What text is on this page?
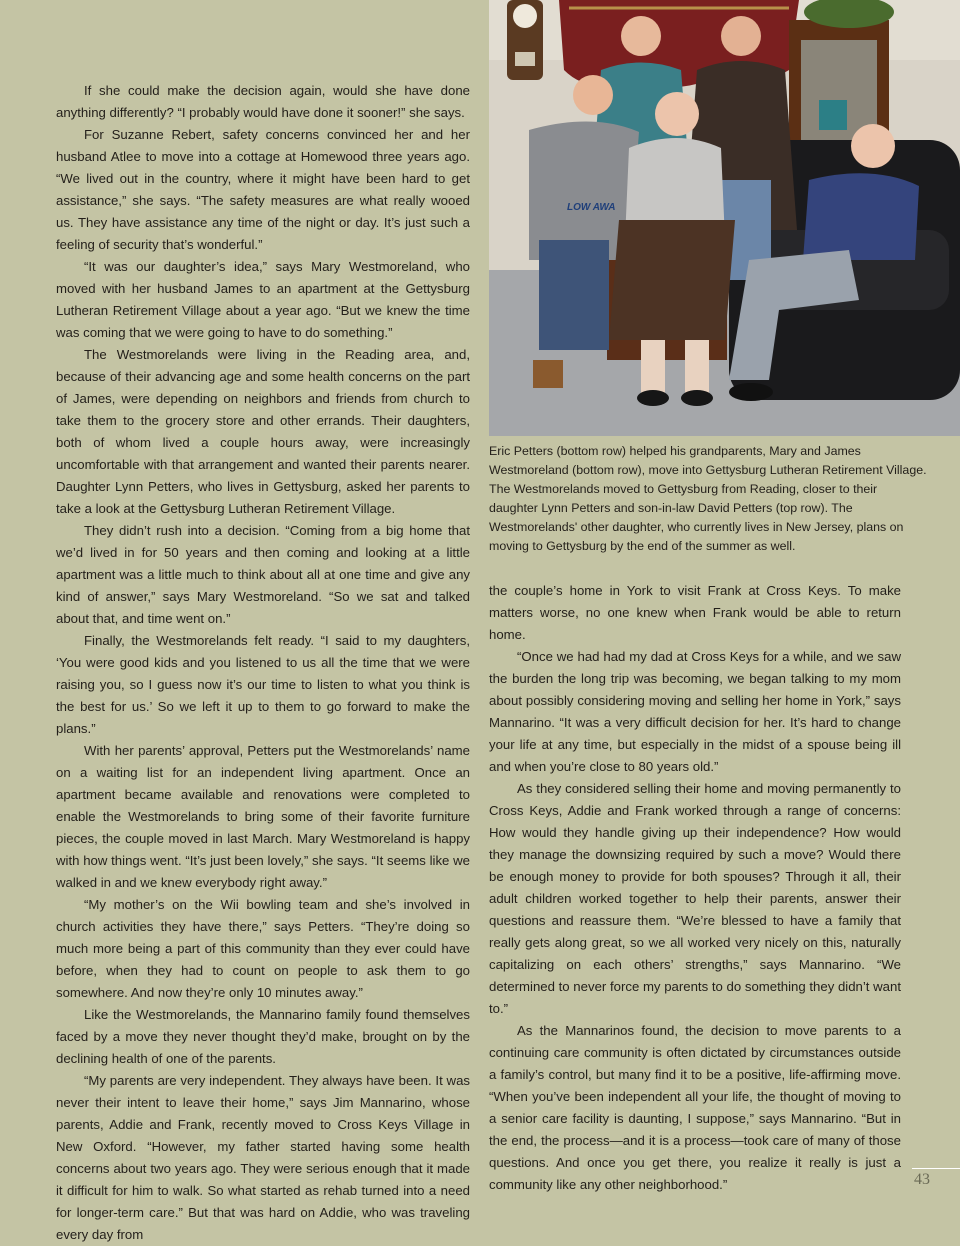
If she could make the decision again, would she have done anything differently? “I probably would have done it sooner!” she says.

For Suzanne Rebert, safety concerns convinced her and her husband Atlee to move into a cottage at Homewood three years ago. “We lived out in the country, where it might have been hard to get assistance,” she says. “The safety measures are what really wooed us. They have assistance any time of the night or day. It’s just such a feeling of security that’s wonderful.”

“It was our daughter’s idea,” says Mary Westmoreland, who moved with her husband James to an apartment at the Gettysburg Lutheran Retirement Village about a year ago. “But we knew the time was coming that we were going to have to do something.”

The Westmorelands were living in the Reading area, and, because of their advancing age and some health concerns on the part of James, were depending on neighbors and friends from church to take them to the grocery store and other errands. Their daughters, both of whom lived a couple hours away, were increasingly uncomfortable with that arrangement and wanted their parents nearer. Daughter Lynn Petters, who lives in Gettysburg, asked her parents to take a look at the Gettysburg Lutheran Retirement Village.

They didn’t rush into a decision. “Coming from a big home that we’d lived in for 50 years and then coming and looking at a little apartment was a little much to think about all at one time and give any kind of answer,” says Mary Westmoreland. “So we sat and talked about that, and time went on.”

Finally, the Westmorelands felt ready. “I said to my daughters, ‘You were good kids and you listened to us all the time that we were raising you, so I guess now it’s our time to listen to what you think is the best for us.’ So we left it up to them to go forward to make the plans.”

With her parents’ approval, Petters put the Westmorelands’ name on a waiting list for an independent living apartment. Once an apartment became available and renovations were completed to enable the Westmorelands to bring some of their favorite furniture pieces, the couple moved in last March. Mary Westmoreland is happy with how things went. “It’s just been lovely,” she says. “It seems like we walked in and we knew everybody right away.”

“My mother’s on the Wii bowling team and she’s involved in church activities they have there,” says Petters. “They’re doing so much more being a part of this community than they ever could have before, when they had to count on people to ask them to go somewhere. And now they’re only 10 minutes away.”

Like the Westmorelands, the Mannarino family found themselves faced by a move they never thought they’d make, brought on by the declining health of one of the parents.

“My parents are very independent. They always have been. It was never their intent to leave their home,” says Jim Mannarino, whose parents, Addie and Frank, recently moved to Cross Keys Village in New Oxford. “However, my father started having some health concerns about two years ago. They were serious enough that it made it difficult for him to walk. So what started as rehab turned into a need for longer-term care.” But that was hard on Addie, who was traveling every day from

LOW AWA
Eric Petters (bottom row) helped his grandparents, Mary and James Westmoreland (bottom row), move into Gettysburg Lutheran Retirement Village. The Westmorelands moved to Gettysburg from Reading, closer to their daughter Lynn Petters and son-in-law David Petters (top row). The Westmorelands' other daughter, who currently lives in New Jersey, plans on moving to Gettysburg by the end of the summer as well.

the couple’s home in York to visit Frank at Cross Keys. To make matters worse, no one knew when Frank would be able to return home.

“Once we had had my dad at Cross Keys for a while, and we saw the burden the long trip was becoming, we began talking to my mom about possibly considering moving and selling her home in York,” says Mannarino. “It was a very difficult decision for her. It’s hard to change your life at any time, but especially in the midst of a spouse being ill and when you’re close to 80 years old.”

As they considered selling their home and moving permanently to Cross Keys, Addie and Frank worked through a range of concerns: How would they handle giving up their independence? How would they manage the downsizing required by such a move? Would there be enough money to provide for both spouses? Through it all, their adult children worked together to help their parents, answer their questions and reassure them. “We’re blessed to have a family that really gets along great, so we all worked very nicely on this, naturally capitalizing on each others’ strengths,” says Mannarino. “We determined to never force my parents to do something they didn’t want to.”

As the Mannarinos found, the decision to move parents to a continuing care community is often dictated by circumstances outside a family’s control, but many find it to be a positive, life-affirming move. “When you’ve been independent all your life, the thought of moving to a senior care facility is daunting, I suppose,” says Mannarino. “But in the end, the process—and it is a process—took care of many of those questions. And once you get there, you realize it really is just a community like any other neighborhood.”	43
